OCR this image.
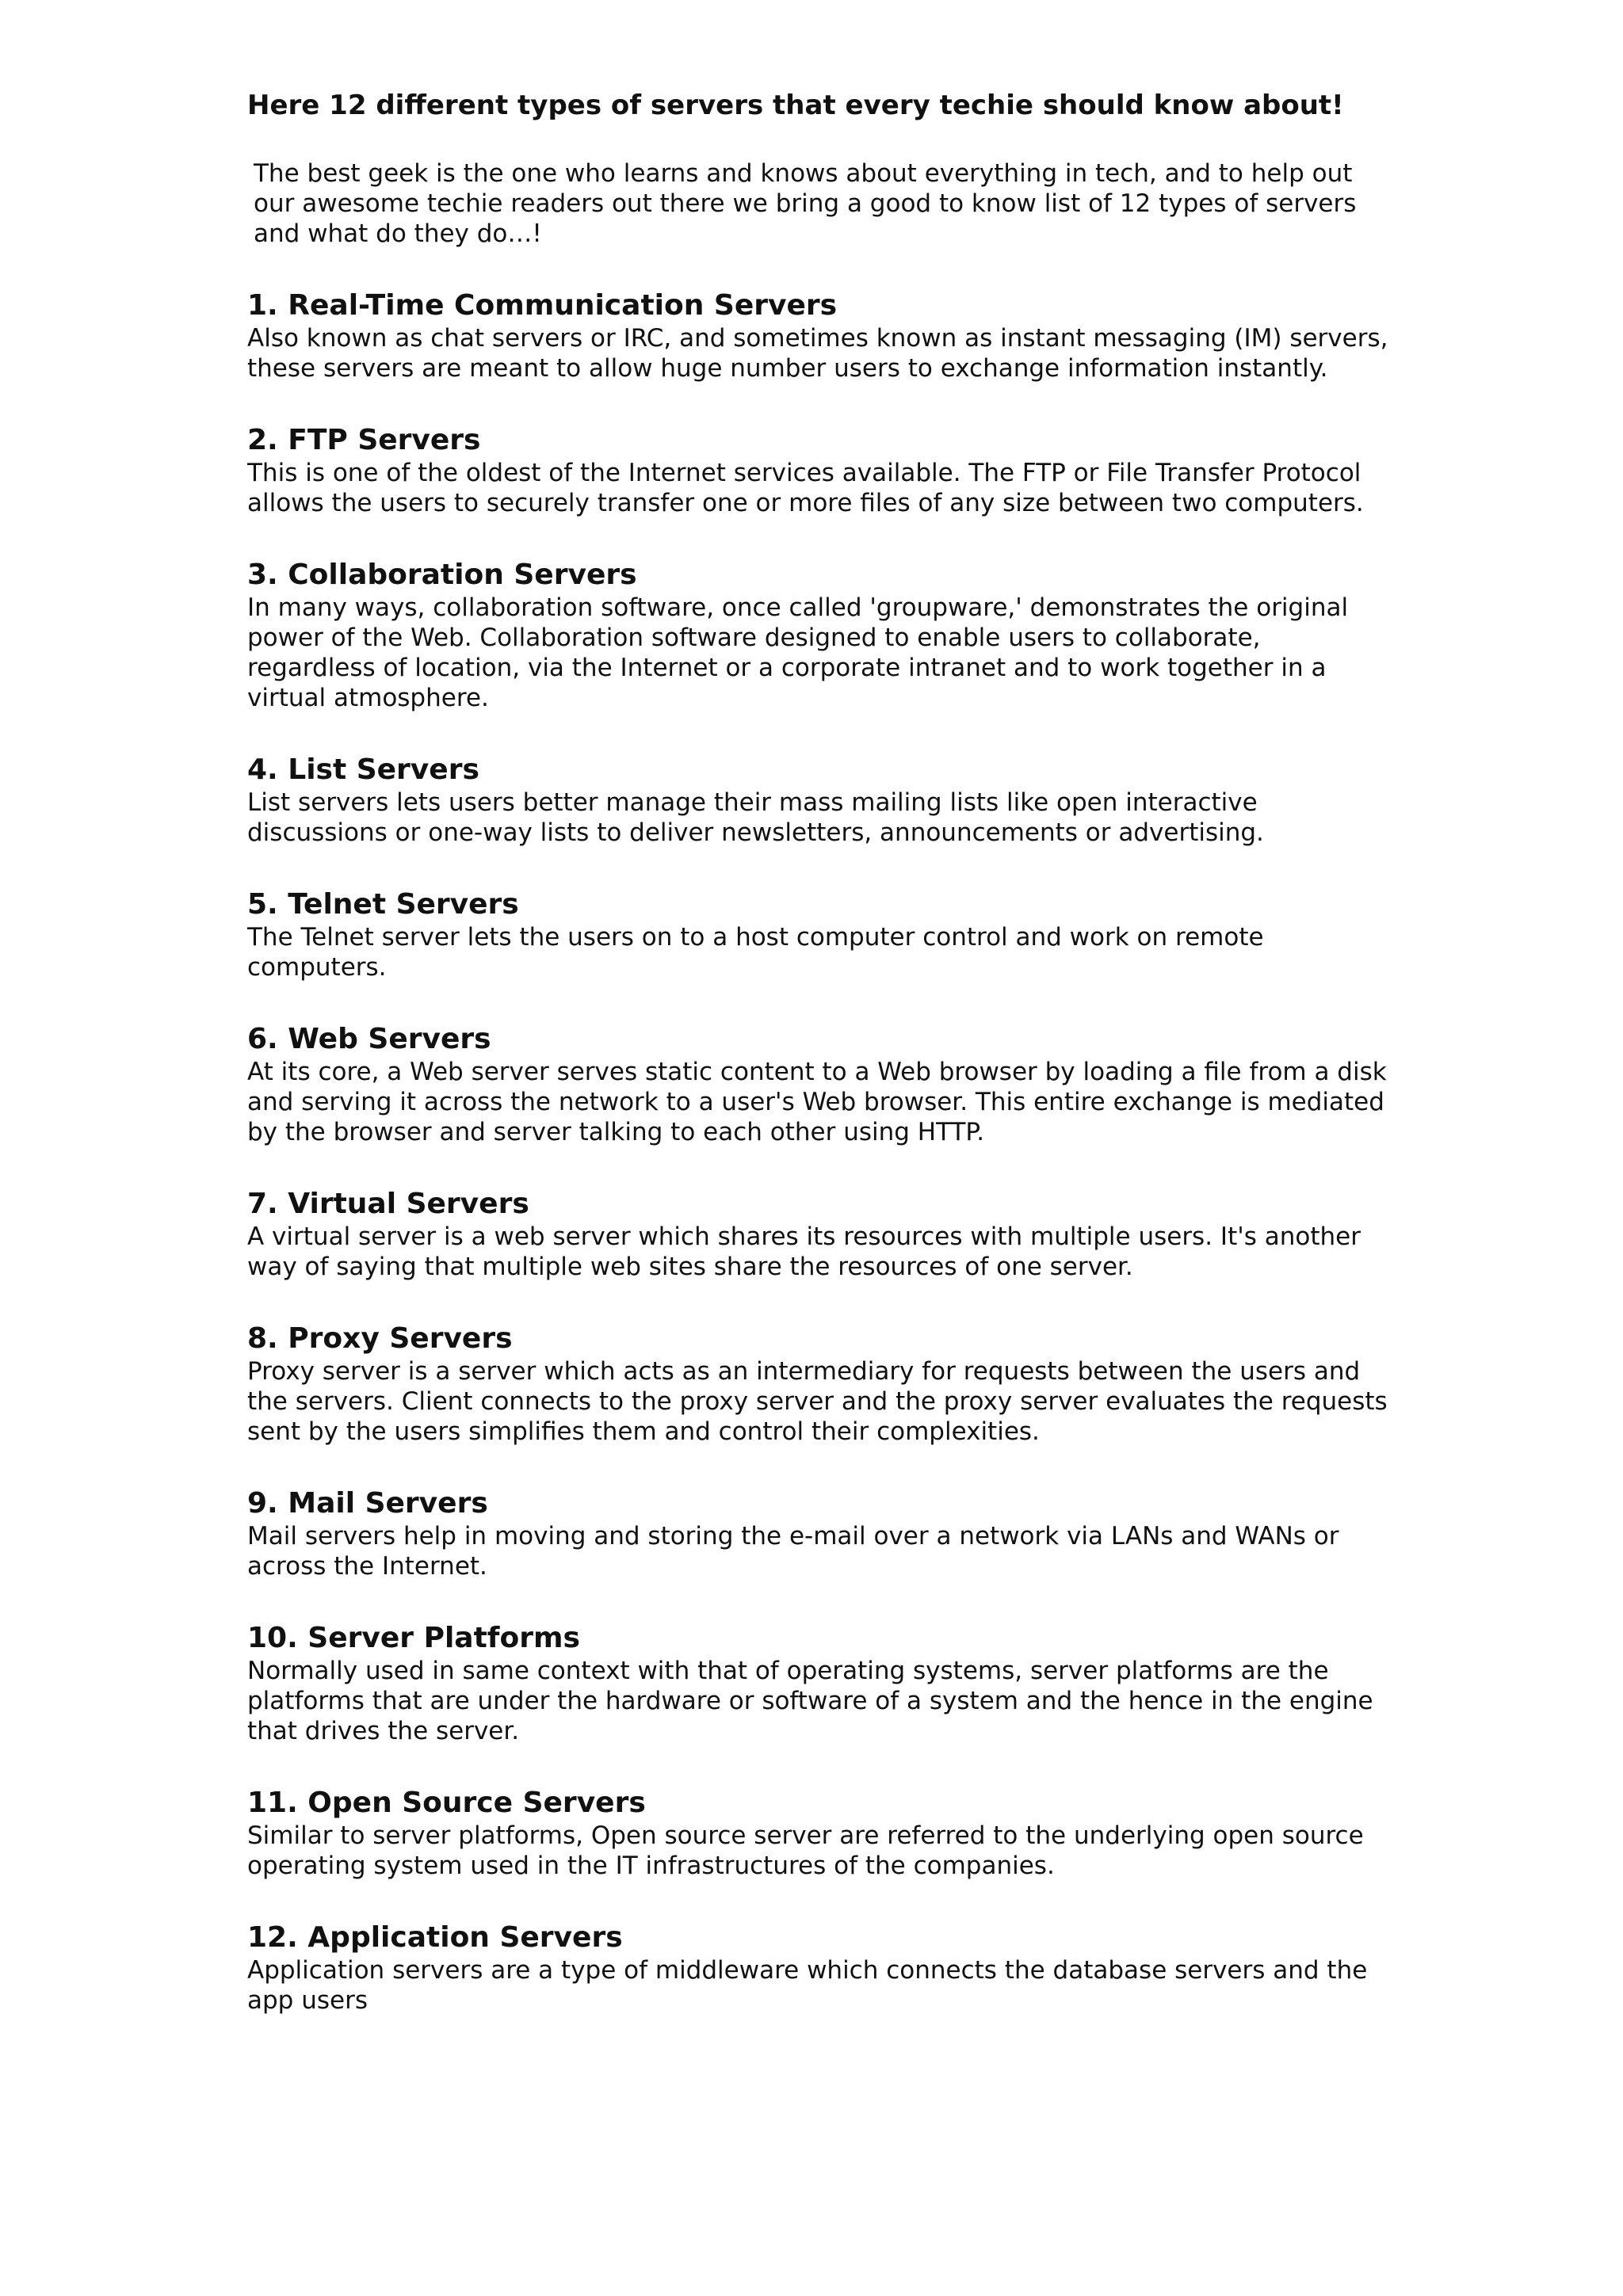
Here 12 different types of servers that every techie should know about!

The best geek is the one who learns and knows about everything in tech, and to help out our awesome techie readers out there we bring a good to know list of 12 types of servers and what do they do…!

1. Real-Time Communication Servers

Also known as chat servers or IRC, and sometimes known as instant messaging (IM) servers, these servers are meant to allow huge number users to exchange information instantly.

2. FTP Servers

This is one of the oldest of the Internet services available. The FTP or File Transfer Protocol allows the users to securely transfer one or more files of any size between two computers.

3. Collaboration Servers

In many ways, collaboration software, once called 'groupware,' demonstrates the original power of the Web. Collaboration software designed to enable users to collaborate, regardless of location, via the Internet or a corporate intranet and to work together in a virtual atmosphere.

4. List Servers

List servers lets users better manage their mass mailing lists like open interactive discussions or one-way lists to deliver newsletters, announcements or advertising.

5. Telnet Servers

The Telnet server lets the users on to a host computer control and work on remote computers.

6. Web Servers

At its core, a Web server serves static content to a Web browser by loading a file from a disk and serving it across the network to a user's Web browser. This entire exchange is mediated by the browser and server talking to each other using HTTP.

7. Virtual Servers

A virtual server is a web server which shares its resources with multiple users. It's another way of saying that multiple web sites share the resources of one server.

8. Proxy Servers

Proxy server is a server which acts as an intermediary for requests between the users and the servers. Client connects to the proxy server and the proxy server evaluates the requests sent by the users simplifies them and control their complexities.

9. Mail Servers

Mail servers help in moving and storing the e-mail over a network via LANs and WANs or across the Internet.

10. Server Platforms

Normally used in same context with that of operating systems, server platforms are the platforms that are under the hardware or software of a system and the hence in the engine that drives the server.

11. Open Source Servers

Similar to server platforms, Open source server are referred to the underlying open source operating system used in the IT infrastructures of the companies.

12. Application Servers

Application servers are a type of middleware which connects the database servers and the app users
